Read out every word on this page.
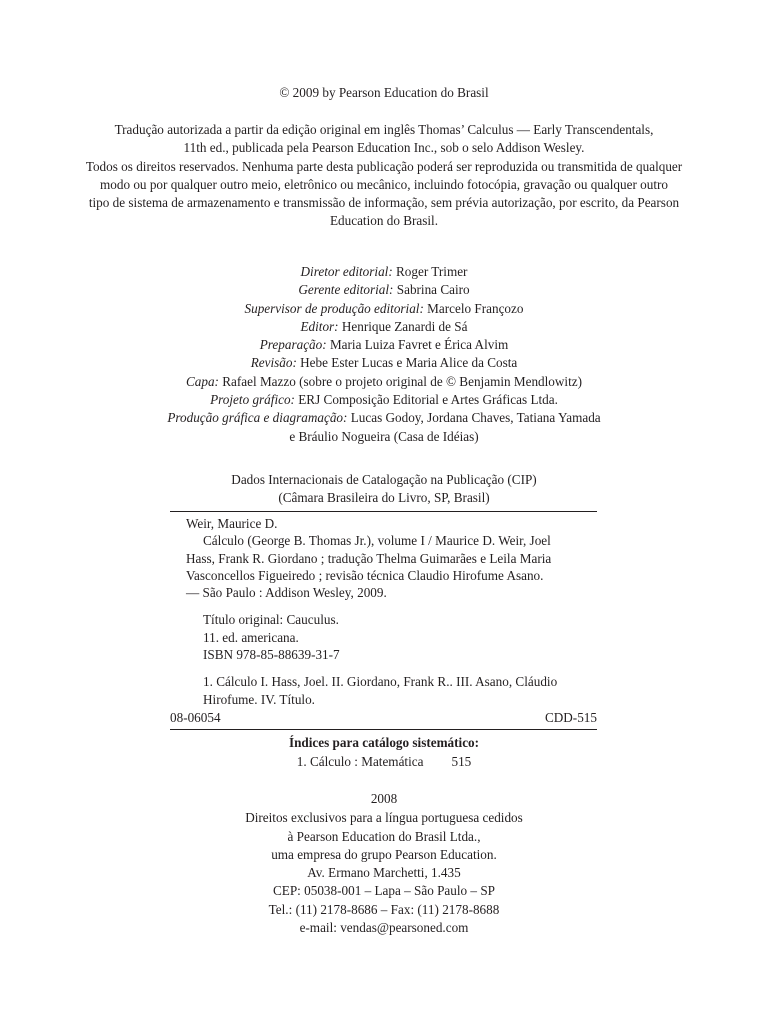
© 2009 by Pearson Education do Brasil
Tradução autorizada a partir da edição original em inglês Thomas’ Calculus — Early Transcendentals,
11th ed., publicada pela Pearson Education Inc., sob o selo Addison Wesley.
Todos os direitos reservados. Nenhuma parte desta publicação poderá ser reproduzida ou transmitida de qualquer
modo ou por qualquer outro meio, eletrônico ou mecânico, incluindo fotocópia, gravação ou qualquer outro
tipo de sistema de armazenamento e transmissão de informação, sem prévia autorização, por escrito, da Pearson
Education do Brasil.
Diretor editorial: Roger Trimer
Gerente editorial: Sabrina Cairo
Supervisor de produção editorial: Marcelo Françozo
Editor: Henrique Zanardi de Sá
Preparação: Maria Luiza Favret e Érica Alvim
Revisão: Hebe Ester Lucas e Maria Alice da Costa
Capa: Rafael Mazzo (sobre o projeto original de © Benjamin Mendlowitz)
Projeto gráfico: ERJ Composição Editorial e Artes Gráficas Ltda.
Produção gráfica e diagramação: Lucas Godoy, Jordana Chaves, Tatiana Yamada
e Bráulio Nogueira (Casa de Idéias)
Dados Internacionais de Catalogação na Publicação (CIP)
(Câmara Brasileira do Livro, SP, Brasil)
Weir, Maurice D.
Cálculo (George B. Thomas Jr.), volume I / Maurice D. Weir, Joel
Hass, Frank R. Giordano ; tradução Thelma Guimarães e Leila Maria
Vasconcellos Figueiredo ; revisão técnica Claudio Hirofume Asano.
— São Paulo : Addison Wesley, 2009.
Título original: Cauculus.
11. ed. americana.
ISBN 978-85-88639-31-7
1. Cálculo I. Hass, Joel. II. Giordano, Frank R.. III. Asano, Cláudio
Hirofume. IV. Título.
08-06054	CDD-515
Índices para catálogo sistemático:
1. Cálculo : Matemática 515
2008
Direitos exclusivos para a língua portuguesa cedidos
à Pearson Education do Brasil Ltda.,
uma empresa do grupo Pearson Education.
Av. Ermano Marchetti, 1.435
CEP: 05038-001 – Lapa – São Paulo – SP
Tel.: (11) 2178-8686 – Fax: (11) 2178-8688
e-mail: vendas@pearsoned.com
